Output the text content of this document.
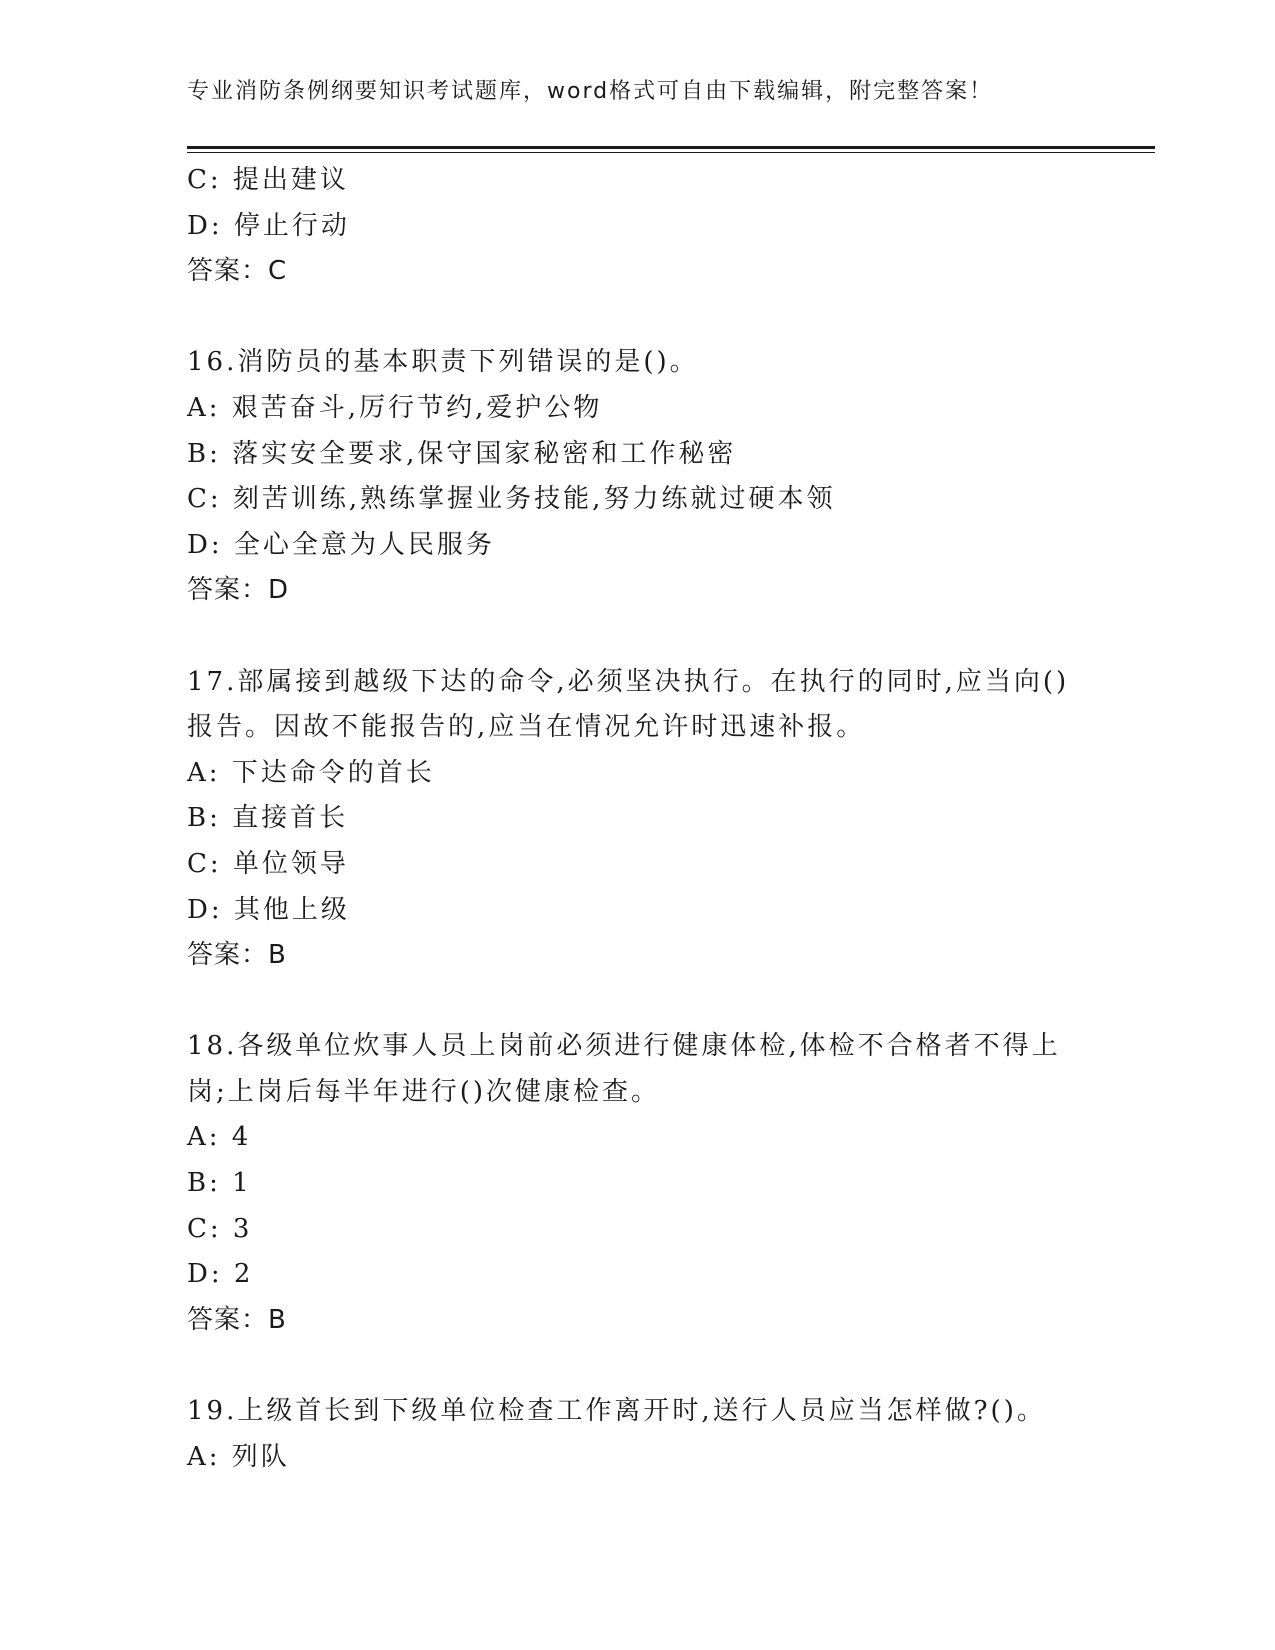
专业消防条例纲要知识考试题库，word格式可自由下载编辑，附完整答案！
C: 提出建议
D: 停止行动
答案：C
16.消防员的基本职责下列错误的是()。
A: 艰苦奋斗,厉行节约,爱护公物
B: 落实安全要求,保守国家秘密和工作秘密
C: 刻苦训练,熟练掌握业务技能,努力练就过硬本领
D: 全心全意为人民服务
答案：D
17.部属接到越级下达的命令,必须坚决执行。在执行的同时,应当向()
报告。因故不能报告的,应当在情况允许时迅速补报。
A: 下达命令的首长
B: 直接首长
C: 单位领导
D: 其他上级
答案：B
18.各级单位炊事人员上岗前必须进行健康体检,体检不合格者不得上
岗;上岗后每半年进行()次健康检查。
A: 4
B: 1
C: 3
D: 2
答案：B
19.上级首长到下级单位检查工作离开时,送行人员应当怎样做?()。
A: 列队
